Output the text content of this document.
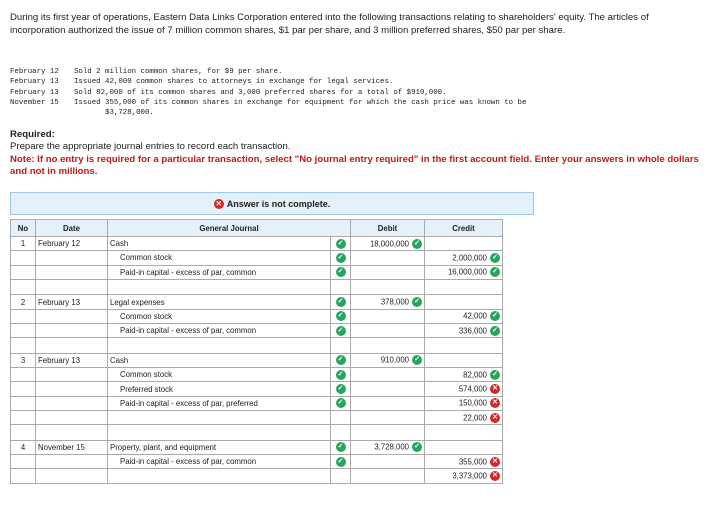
During its first year of operations, Eastern Data Links Corporation entered into the following transactions relating to shareholders' equity. The articles of incorporation authorized the issue of 7 million common shares, $1 par per share, and 3 million preferred shares, $50 par per share.

February 12	Sold 2 million common shares, for $9 per share.
February 13	Issued 42,000 common shares to attorneys in exchange for legal services.
February 13	Sold 82,000 of its common shares and 3,000 preferred shares for a total of $910,000.
November 15	Issued 355,000 of its common shares in exchange for equipment for which the cash price was known to be
$3,728,000.
Required:
Prepare the appropriate journal entries to record each transaction.
Note: If no entry is required for a particular transaction, select "No journal entry required" in the first account field. Enter your answers in whole dollars and not in millions.
✕ Answer is not complete.
No	Date	General Journal		Debit	Credit
1	February 12	Cash	✓	18,000,000 ✓	
		Common stock	✓		2,000,000 ✓
		Paid-in capital - excess of par, common	✓		16,000,000 ✓

2	February 13	Legal expenses	✓	378,000 ✓	
		Common stock	✓		42,000 ✓
		Paid-in capital - excess of par, common	✓		336,000 ✓

3	February 13	Cash	✓	910,000 ✓	
		Common stock	✓		82,000 ✓
		Preferred stock	✓		574,000 ✕
		Paid-in capital - excess of par, preferred	✓		150,000 ✕
					22,000 ✕

4	November 15	Property, plant, and equipment	✓	3,728,000 ✓	
		Paid-in capital - excess of par, common	✓		355,000 ✕
					3,373,000 ✕
